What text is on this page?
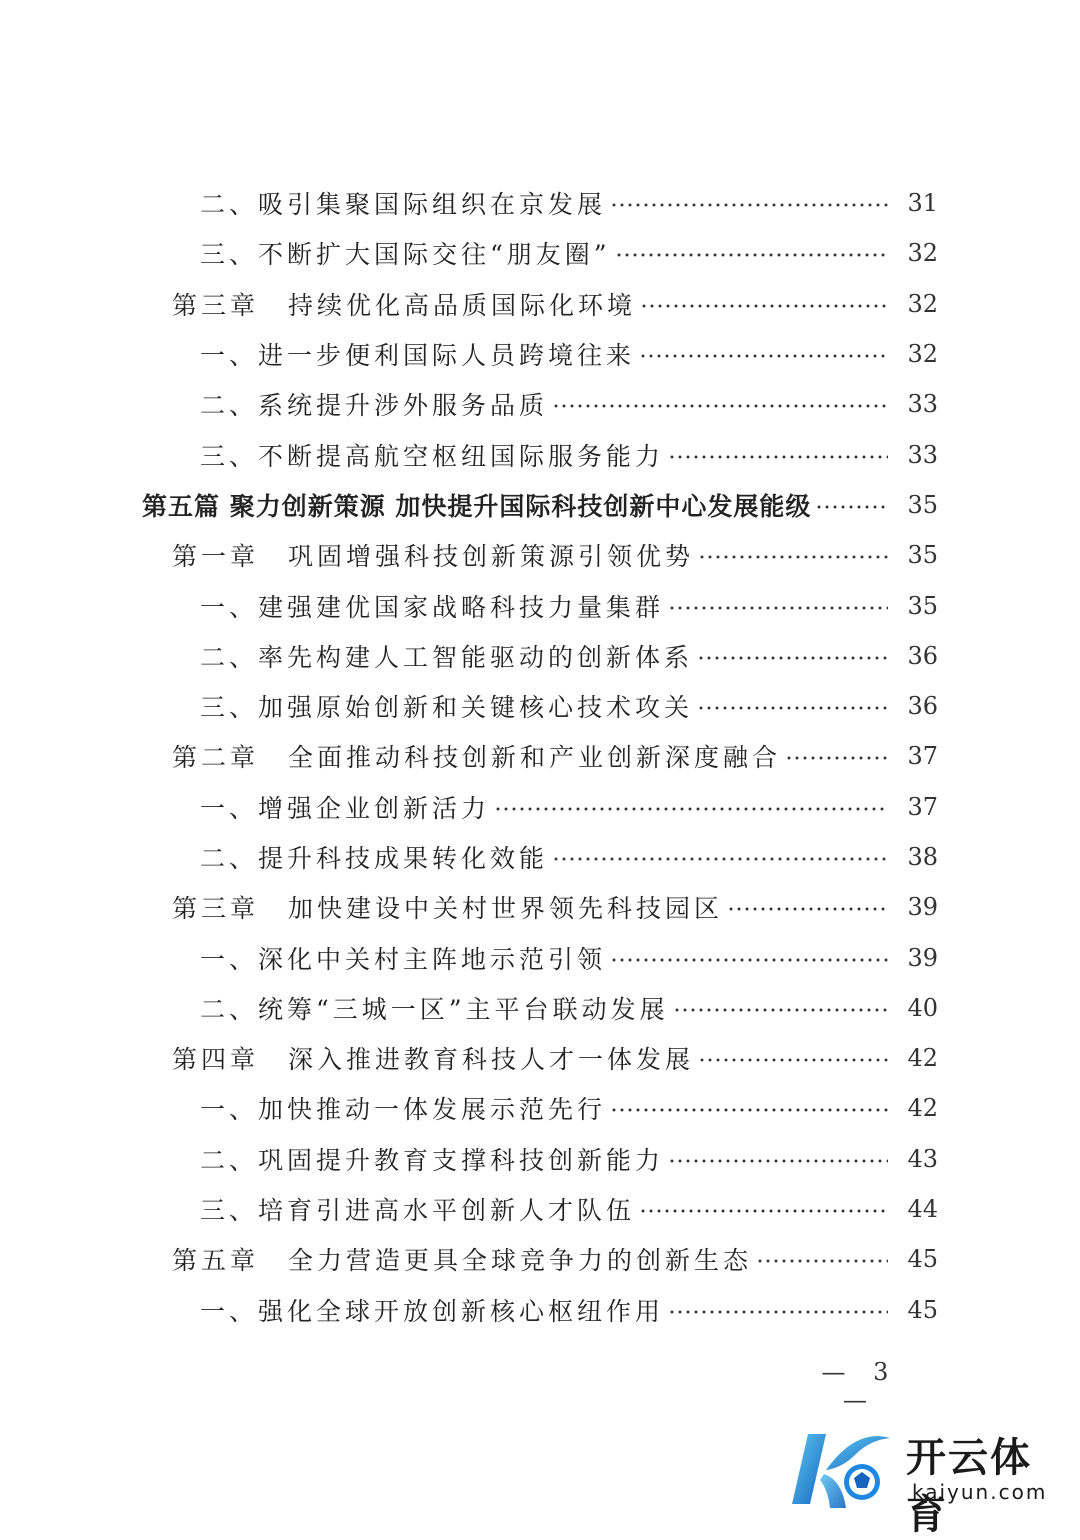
二、吸引集聚国际组织在京发展	31
三、不断扩大国际交往“朋友圈”	32
第三章　持续优化高品质国际化环境	32
一、进一步便利国际人员跨境往来	32
二、系统提升涉外服务品质	33
三、不断提高航空枢纽国际服务能力	33
第五篇 聚力创新策源 加快提升国际科技创新中心发展能级	35
第一章　巩固增强科技创新策源引领优势	35
一、建强建优国家战略科技力量集群	35
二、率先构建人工智能驱动的创新体系	36
三、加强原始创新和关键核心技术攻关	36
第二章　全面推动科技创新和产业创新深度融合	37
一、增强企业创新活力	37
二、提升科技成果转化效能	38
第三章　加快建设中关村世界领先科技园区	39
一、深化中关村主阵地示范引领	39
二、统筹“三城一区”主平台联动发展	40
第四章　深入推进教育科技人才一体发展	42
一、加快推动一体发展示范先行	42
二、巩固提升教育支撑科技创新能力	43
三、培育引进高水平创新人才队伍	44
第五章　全力营造更具全球竞争力的创新生态	45
一、强化全球开放创新核心枢纽作用	45
— 3 —
开云体育
kaiyun.com
